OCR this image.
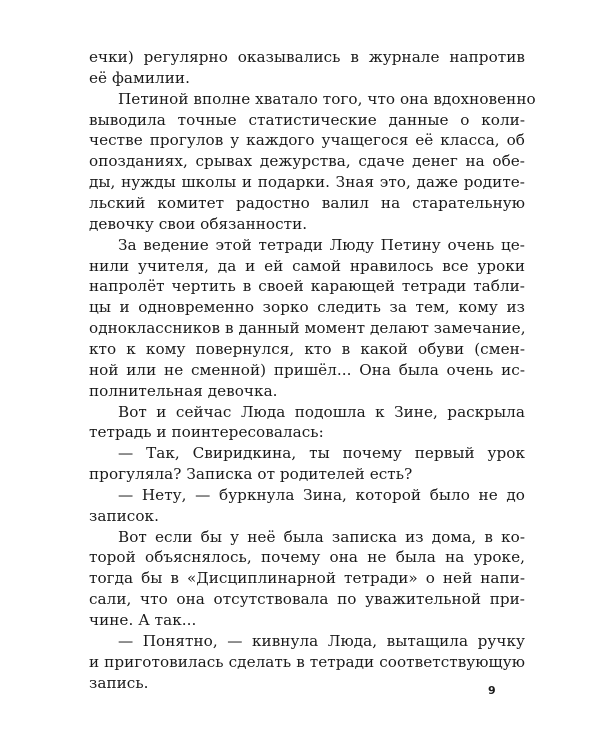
ечки) регулярно оказывались в журнале напротив
её фамилии.
Петиной вполне хватало того, что она вдохновенно
выводила точные статистические данные о коли-
честве прогулов у каждого учащегося её класса, об
опозданиях, срывах дежурства, сдаче денег на обе-
ды, нужды школы и подарки. Зная это, даже родите-
льский комитет радостно валил на старательную
девочку свои обязанности.
За ведение этой тетради Люду Петину очень це-
нили учителя, да и ей самой нравилось все уроки
напролёт чертить в своей карающей тетради табли-
цы и одновременно зорко следить за тем, кому из
одноклассников в данный момент делают замечание,
кто к кому повернулся, кто в какой обуви (смен-
ной или не сменной) пришёл... Она была очень ис-
полнительная девочка.
Вот и сейчас Люда подошла к Зине, раскрыла
тетрадь и поинтересовалась:
— Так, Свиридкина, ты почему первый урок
прогуляла? Записка от родителей есть?
— Нету, — буркнула Зина, которой было не до
записок.
Вот если бы у неё была записка из дома, в ко-
торой объяснялось, почему она не была на уроке,
тогда бы в «Дисциплинарной тетради» о ней напи-
сали, что она отсутствовала по уважительной при-
чине. А так...
— Понятно, — кивнула Люда, вытащила ручку
и приготовилась сделать в тетради соответствующую
запись.	9
